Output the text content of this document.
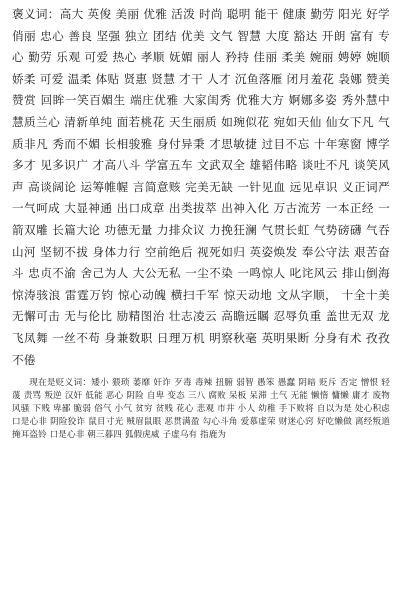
褒义词：高大 英俊 美丽 优雅 活泼 时尚 聪明 能干 健康 勤劳 阳光 好学 俏丽 忠心 善良 坚强 独立 团结 优美 文气 智慧 大度 豁达 开朗 富有 专心 勤劳 乐观 可爱 热心 孝顺 妩媚 丽人 矜持 佳丽 柔美 婉丽 娉婷 婉顺 娇柔 可爱 温柔 体贴 贤惠 贤慧 才干 人才 沉鱼落雁 闭月羞花 袅娜 赞美 赞赏 回眸一笑百媚生 端庄优雅 大家闺秀 优雅大方 婀娜多姿 秀外慧中 慧质兰心 清新单纯 面若桃花 天生丽质 如琬似花 宛如天仙 仙女下凡 气质非凡 秀而不媚 长相骏雅 身付异秉 才思敏捷 过目不忘 十年寒窗 博学多才 见多识广 才高八斗 学富五车 文武双全 雄韬伟略 谈吐不凡 谈笑风声 高谈阔论 运筹帷幄 言简意赅 完美无缺 一针见血 远见卓识 义正词严 一气呵成 大显神通 出口成章 出类拔萃 出神入化 万古流芳 一本正经 一箭双雕 长篇大论 功德无量 力排众议 力挽狂澜 气贯长虹 气势磅礴 气吞山河 坚韧不拔 身体力行 空前绝后 视死如归 英姿焕发 奉公守法 艰苦奋斗 忠贞不渝 舍己为人 大公无私 一尘不染 一鸣惊人 叱诧风云 排山倒海 惊涛骇浪 雷霆万钧 惊心动魄 横扫千军 惊天动地 文从字顺， 十全十美 无懈可击 无与伦比 励精图治 壮志凌云 高瞻远瞩 忍辱负重 盖世无双 龙飞凤舞 一丝不苟 身兼数职 日理万机 明察秋毫 英明果断 分身有术 孜孜不倦

现在是贬义词：矮小 猥琐 萎靡 奸诈 歹毒 毒辣 扭腑 弱智 愚笨 愚蠢 阴暗 贬斥 否定 憎恨 轻蔑 责骂 叛逆 汉奸 低能 恶心 阴险 自卑 变态 三八 腐败 呆板 呆滞 土气 无能 懒惰 慵懒 庸才 废物 风骚 下贱 卑鄙 脆弱 俗气 小气 贫穷 贫贱 花心 悲观 市井 小人 幼稚 手下败将 自以为是 处心积虑 口是心非 阴险狡诈 鼠目寸光 贼眉鼠眼 恶贯满盈 勾心斗角 爱慕虚荣 财迷心窍 好吃懒做 离经叛道 掩耳盗铃 口是心非 朝三暮四 狐假虎威 子虚乌有 指鹿为
